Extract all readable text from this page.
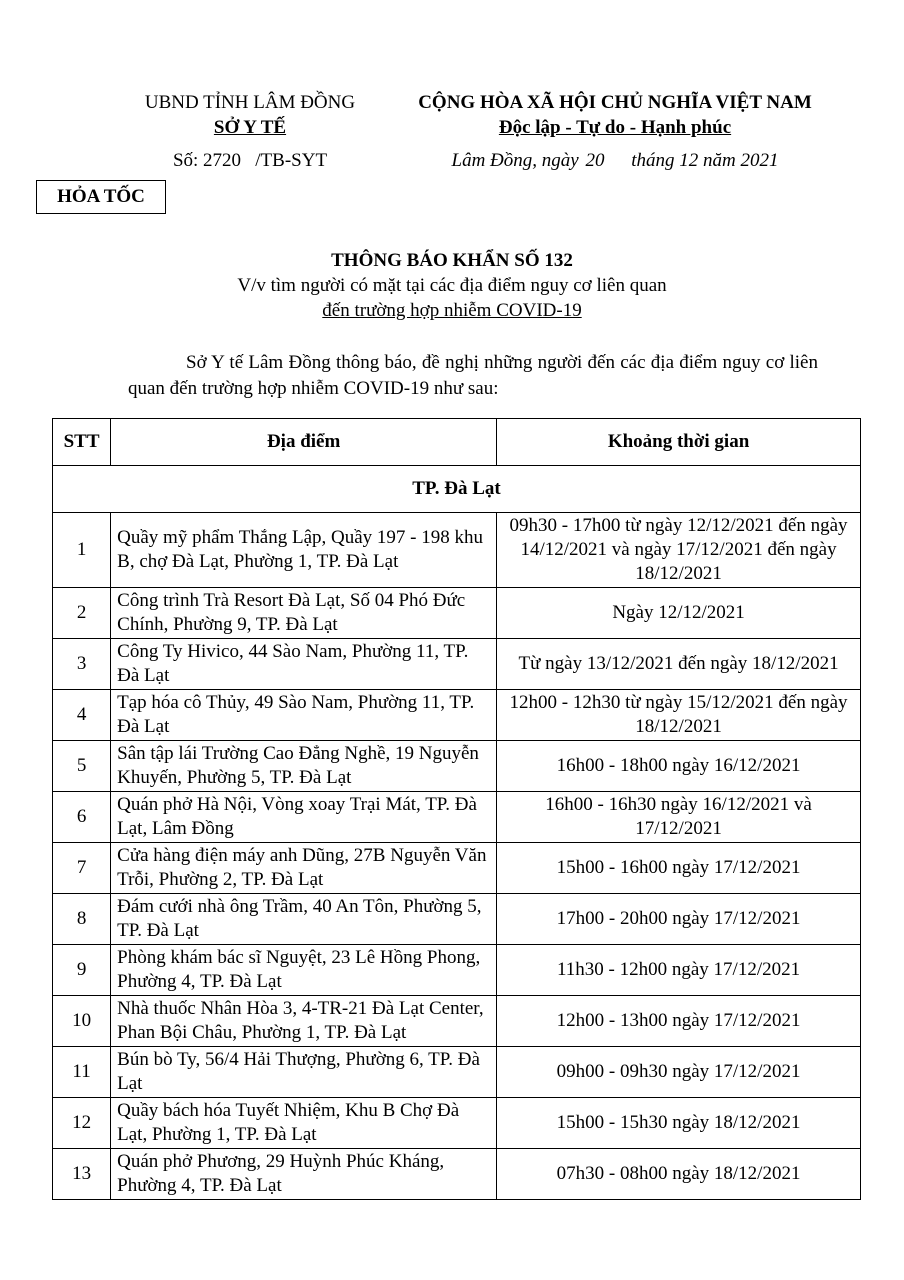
UBND TỈNH LÂM ĐỒNG
SỞ Y TẾ
Số: 2720   /TB-SYT
CỘNG HÒA XÃ HỘI CHỦ NGHĨA VIỆT NAM
Độc lập - Tự do - Hạnh phúc
Lâm Đồng, ngày 20 tháng 12 năm 2021
HỎA TỐC
THÔNG BÁO KHẨN SỐ 132
V/v tìm người có mặt tại các địa điểm nguy cơ liên quan
đến trường hợp nhiễm COVID-19
Sở Y tế Lâm Đồng thông báo, đề nghị những người đến các địa điểm nguy cơ liên quan đến trường hợp nhiễm COVID-19 như sau:
STT	Địa điểm	Khoảng thời gian
TP. Đà Lạt		
1	Quầy mỹ phẩm Thắng Lập, Quầy 197 - 198 khu B, chợ Đà Lạt, Phường 1, TP. Đà Lạt	09h30 - 17h00 từ ngày 12/12/2021 đến ngày 14/12/2021 và ngày 17/12/2021 đến ngày 18/12/2021
2	Công trình Trà Resort Đà Lạt, Số 04 Phó Đức Chính, Phường 9, TP. Đà Lạt	Ngày 12/12/2021
3	Công Ty Hivico, 44 Sào Nam, Phường 11, TP. Đà Lạt	Từ ngày 13/12/2021 đến ngày 18/12/2021
4	Tạp hóa cô Thủy, 49 Sào Nam, Phường 11, TP. Đà Lạt	12h00 - 12h30 từ ngày 15/12/2021 đến ngày 18/12/2021
5	Sân tập lái Trường Cao Đẳng Nghề, 19 Nguyễn Khuyến, Phường 5, TP. Đà Lạt	16h00 - 18h00 ngày 16/12/2021
6	Quán phở Hà Nội, Vòng xoay Trại Mát, TP. Đà Lạt, Lâm Đồng	16h00 - 16h30 ngày 16/12/2021 và 17/12/2021
7	Cửa hàng điện máy anh Dũng, 27B Nguyễn Văn Trỗi, Phường 2, TP. Đà Lạt	15h00 - 16h00 ngày 17/12/2021
8	Đám cưới nhà ông Trầm, 40 An Tôn, Phường 5, TP. Đà Lạt	17h00 - 20h00 ngày 17/12/2021
9	Phòng khám bác sĩ Nguyệt, 23 Lê Hồng Phong, Phường 4, TP. Đà Lạt	11h30 - 12h00 ngày 17/12/2021
10	Nhà thuốc Nhân Hòa 3, 4-TR-21 Đà Lạt Center, Phan Bội Châu, Phường 1, TP. Đà Lạt	12h00 - 13h00 ngày 17/12/2021
11	Bún bò Ty, 56/4 Hải Thượng, Phường 6, TP. Đà Lạt	09h00 - 09h30 ngày 17/12/2021
12	Quầy bách hóa Tuyết Nhiệm, Khu B Chợ Đà Lạt, Phường 1, TP. Đà Lạt	15h00 - 15h30 ngày 18/12/2021
13	Quán phở Phương, 29 Huỳnh Phúc Kháng, Phường 4, TP. Đà Lạt	07h30 - 08h00 ngày 18/12/2021
